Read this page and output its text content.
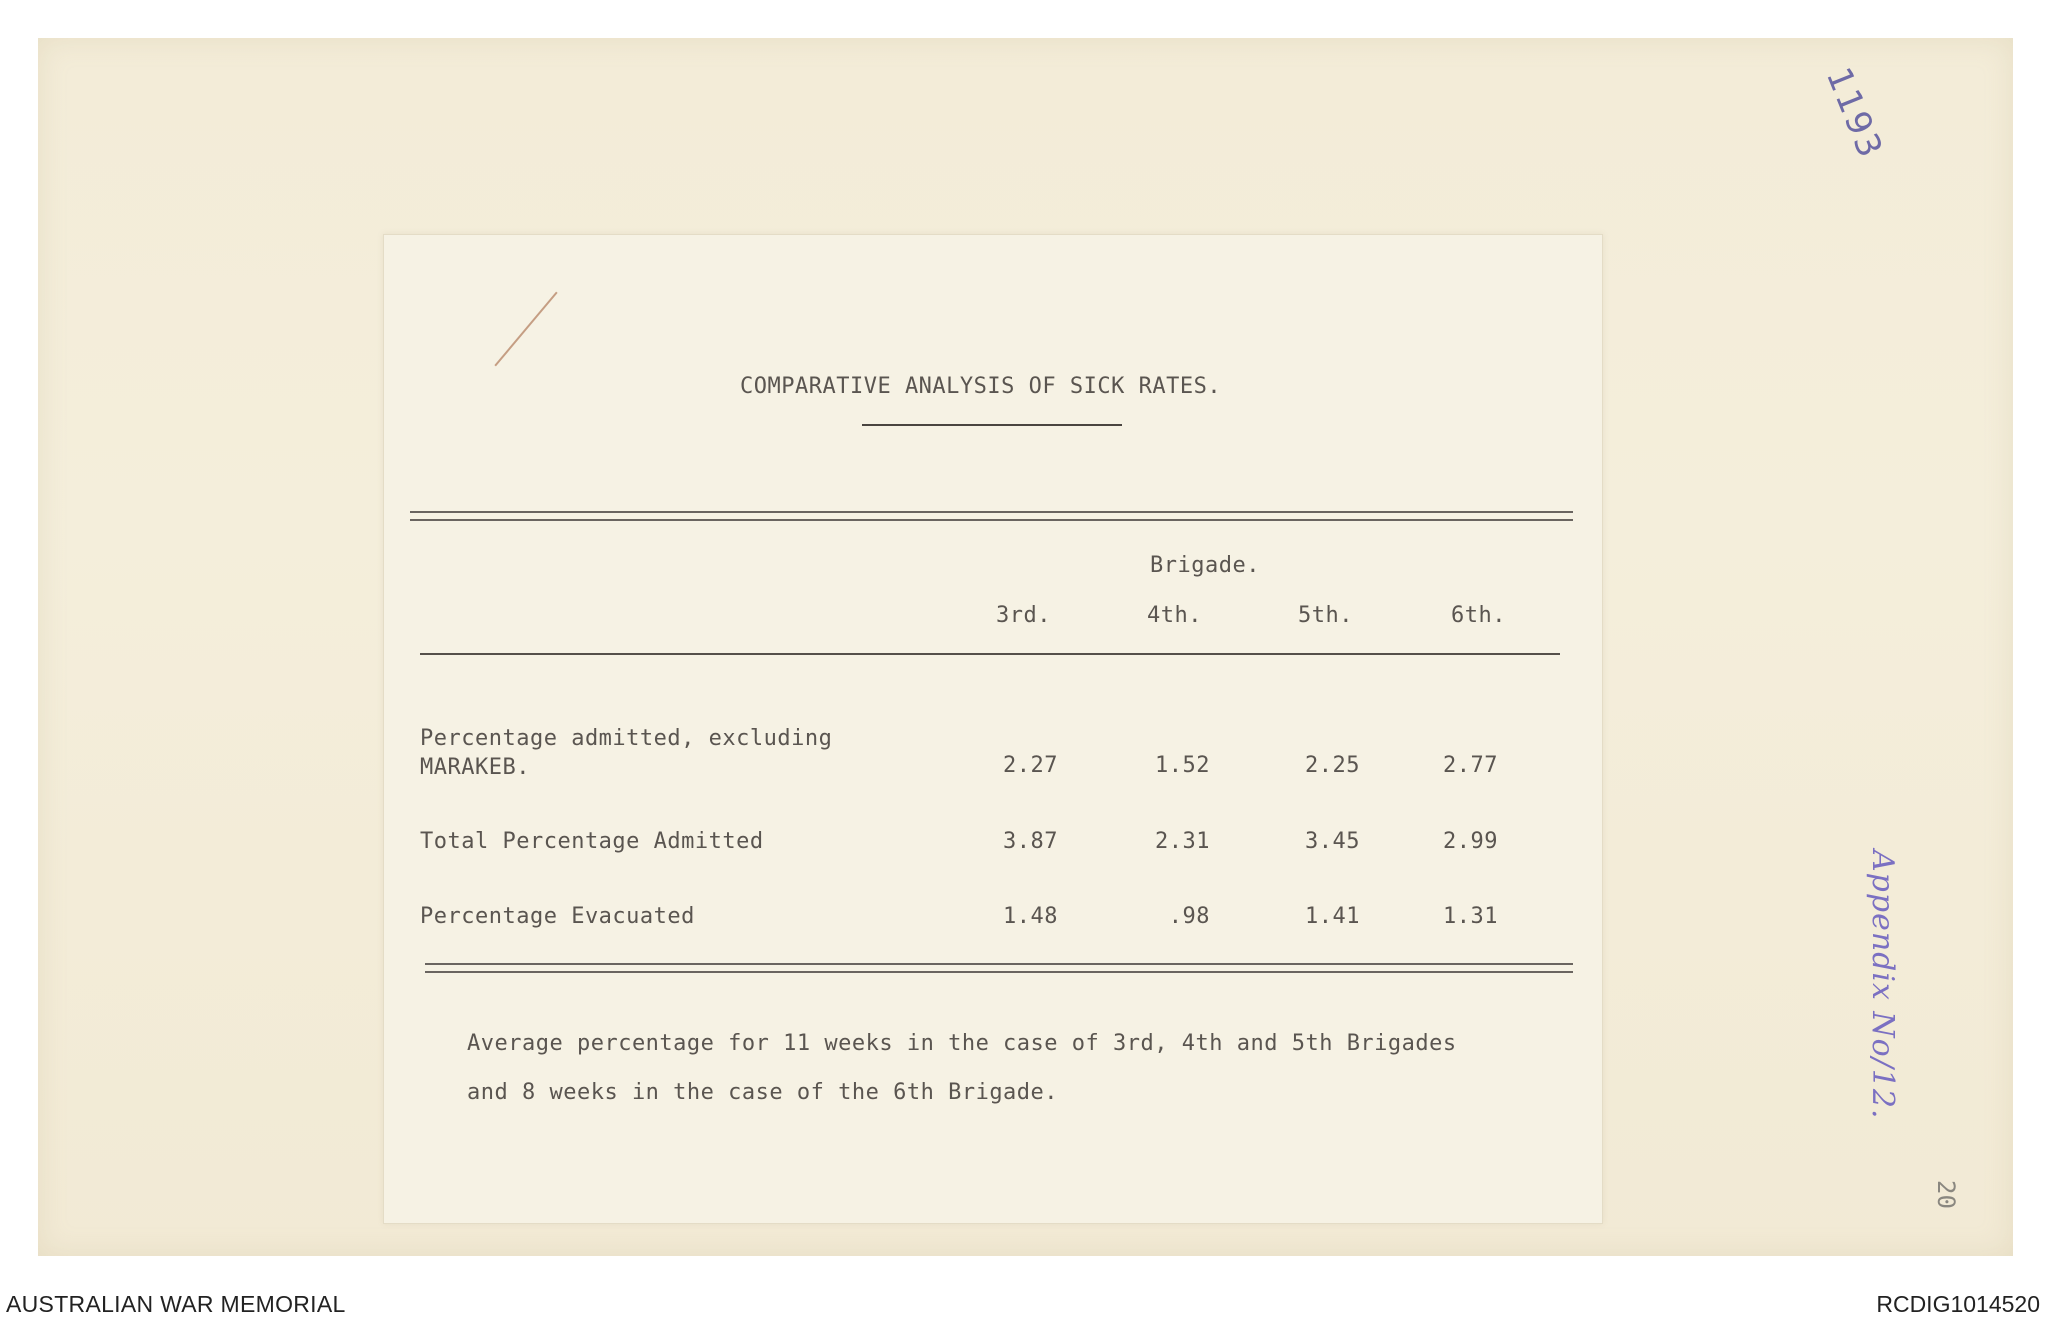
1193
COMPARATIVE ANALYSIS OF SICK RATES.
Brigade.
3rd.	4th.	5th.	6th.
Percentage admitted, excluding
MARAKEB.	2.27	1.52	2.25	2.77
Total Percentage Admitted	3.87	2.31	3.45	2.99
Percentage Evacuated	1.48	.98	1.41	1.31
Average percentage for 11 weeks in the case of 3rd, 4th and 5th Brigades
and 8 weeks in the case of the 6th Brigade.	Appendix No/12.
20
AUSTRALIAN WAR MEMORIAL	RCDIG1014520
